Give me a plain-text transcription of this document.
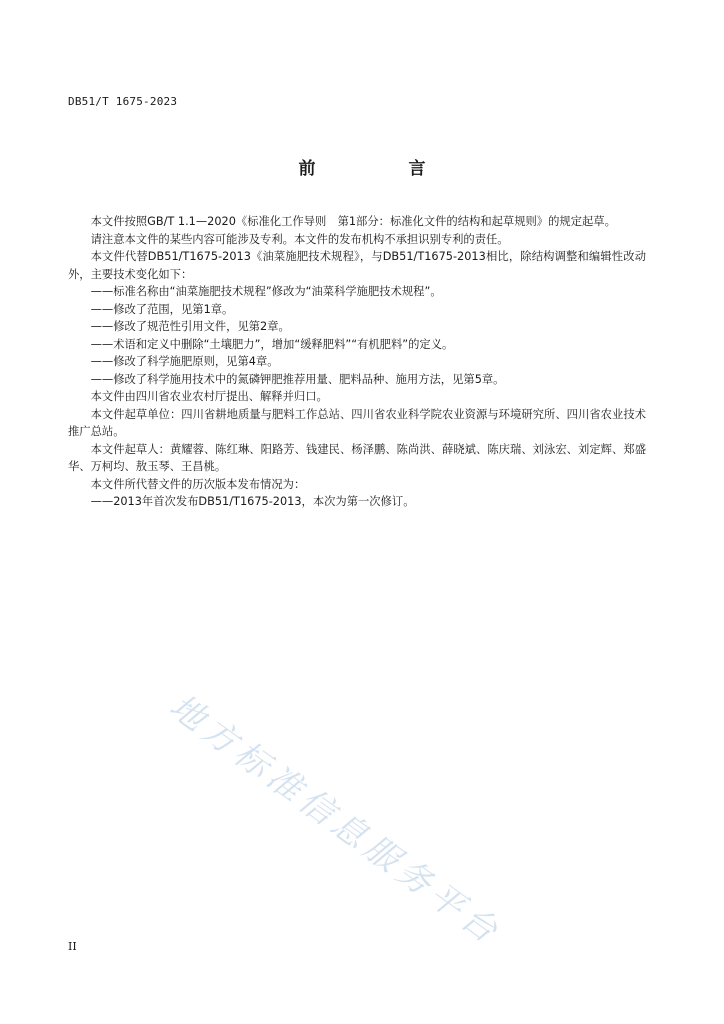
DB51/T 1675-2023
前　言

本文件按照GB/T 1.1—2020《标准化工作导则　第1部分：标准化文件的结构和起草规则》的规定起草。

请注意本文件的某些内容可能涉及专利。本文件的发布机构不承担识别专利的责任。

本文件代替DB51/T1675-2013《油菜施肥技术规程》，与DB51/T1675-2013相比，除结构调整和编辑性改动外，主要技术变化如下：

——标准名称由“油菜施肥技术规程”修改为“油菜科学施肥技术规程”。

——修改了范围，见第1章。

——修改了规范性引用文件，见第2章。

——术语和定义中删除“土壤肥力”，增加“缓释肥料”“有机肥料”的定义。

——修改了科学施肥原则，见第4章。

——修改了科学施用技术中的氮磷钾肥推荐用量、肥料品种、施用方法，见第5章。

本文件由四川省农业农村厅提出、解释并归口。

本文件起草单位：四川省耕地质量与肥料工作总站、四川省农业科学院农业资源与环境研究所、四川省农业技术推广总站。

本文件起草人：黄耀蓉、陈红琳、阳路芳、钱建民、杨泽鹏、陈尚洪、薛晓斌、陈庆瑞、刘泳宏、刘定辉、郑盛华、万柯均、敖玉琴、王昌桃。

本文件所代替文件的历次版本发布情况为：

——2013年首次发布DB51/T1675-2013，本次为第一次修订。

地方标准信息服务平台
II
